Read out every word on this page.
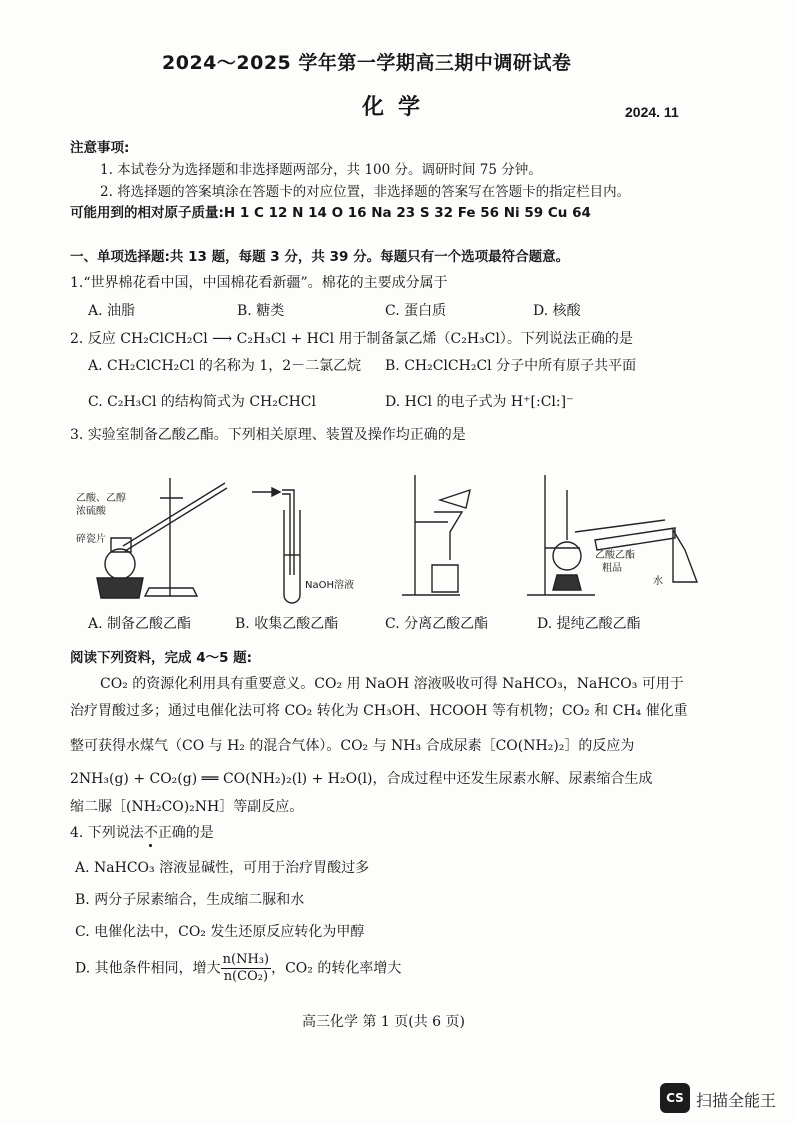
2024～2025 学年第一学期高三期中调研试卷
化学	2024. 11
注意事项:
1. 本试卷分为选择题和非选择题两部分，共 100 分。调研时间 75 分钟。
2. 将选择题的答案填涂在答题卡的对应位置，非选择题的答案写在答题卡的指定栏目内。
可能用到的相对原子质量:H 1 C 12 N 14 O 16 Na 23 S 32 Fe 56 Ni 59 Cu 64
一、单项选择题:共 13 题，每题 3 分，共 39 分。每题只有一个选项最符合题意。
1.“世界棉花看中国，中国棉花看新疆”。棉花的主要成分属于
A. 油脂	B. 糖类	C. 蛋白质	D. 核酸
2. 反应 CH₂ClCH₂Cl ⟶ C₂H₃Cl + HCl 用于制备氯乙烯（C₂H₃Cl）。下列说法正确的是
A. CH₂ClCH₂Cl 的名称为 1，2－二氯乙烷 B. CH₂ClCH₂Cl 分子中所有原子共平面
C. C₂H₃Cl 的结构简式为 CH₂CHCl	D. HCl 的电子式为 H⁺[:Cl:]⁻
3. 实验室制备乙酸乙酯。下列相关原理、装置及操作均正确的是
乙酸、乙醇
浓硫酸
碎瓷片
NaOH溶液
乙酸乙酯
粗品
水
A. 制备乙酸乙酯	B. 收集乙酸乙酯	C. 分离乙酸乙酯	D. 提纯乙酸乙酯
阅读下列资料，完成 4～5 题:
CO₂ 的资源化利用具有重要意义。CO₂ 用 NaOH 溶液吸收可得 NaHCO₃，NaHCO₃ 可用于
治疗胃酸过多；通过电催化法可将 CO₂ 转化为 CH₃OH、HCOOH 等有机物；CO₂ 和 CH₄ 催化重
整可获得水煤气（CO 与 H₂ 的混合气体）。CO₂ 与 NH₃ 合成尿素［CO(NH₂)₂］的反应为
2NH₃(g) + CO₂(g) ══ CO(NH₂)₂(l) + H₂O(l)，合成过程中还发生尿素水解、尿素缩合生成
缩二脲［(NH₂CO)₂NH］等副反应。
4. 下列说法不正确的是
A. NaHCO₃ 溶液显碱性，可用于治疗胃酸过多
B. 两分子尿素缩合，生成缩二脲和水
C. 电催化法中，CO₂ 发生还原反应转化为甲醇
D. 其他条件相同，增大 $\frac{\text{n(NH₃)}}{\text{n(CO₂)}}$ ，CO₂ 的转化率增大
高三化学 第 1 页(共 6 页)
CS 扫描全能王
